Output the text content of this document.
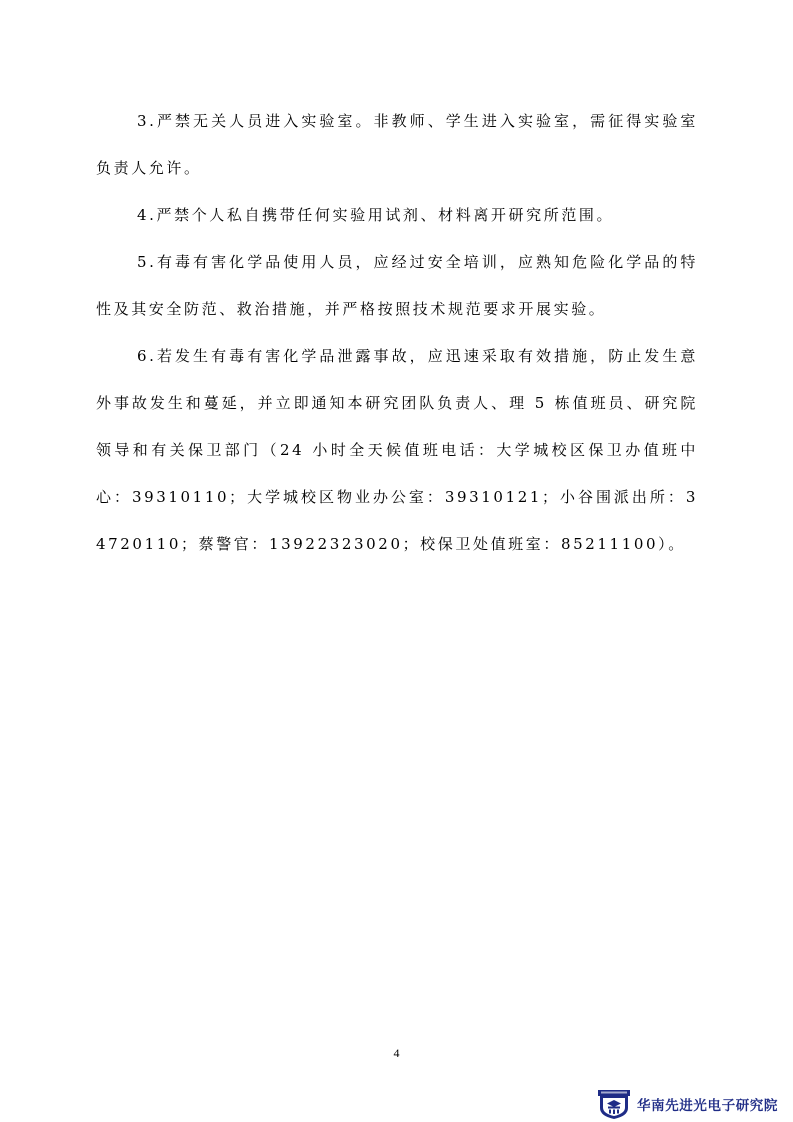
3.严禁无关人员进入实验室。非教师、学生进入实验室，需征得实验室负责人允许。

4.严禁个人私自携带任何实验用试剂、材料离开研究所范围。

5.有毒有害化学品使用人员，应经过安全培训，应熟知危险化学品的特性及其安全防范、救治措施，并严格按照技术规范要求开展实验。

6.若发生有毒有害化学品泄露事故，应迅速采取有效措施，防止发生意外事故发生和蔓延，并立即通知本研究团队负责人、理 5 栋值班员、研究院领导和有关保卫部门（24 小时全天候值班电话：大学城校区保卫办值班中心：39310110；大学城校区物业办公室：39310121；小谷围派出所：34720110；蔡警官：13922323020；校保卫处值班室：85211100）。

4
华南先进光电子研究院
